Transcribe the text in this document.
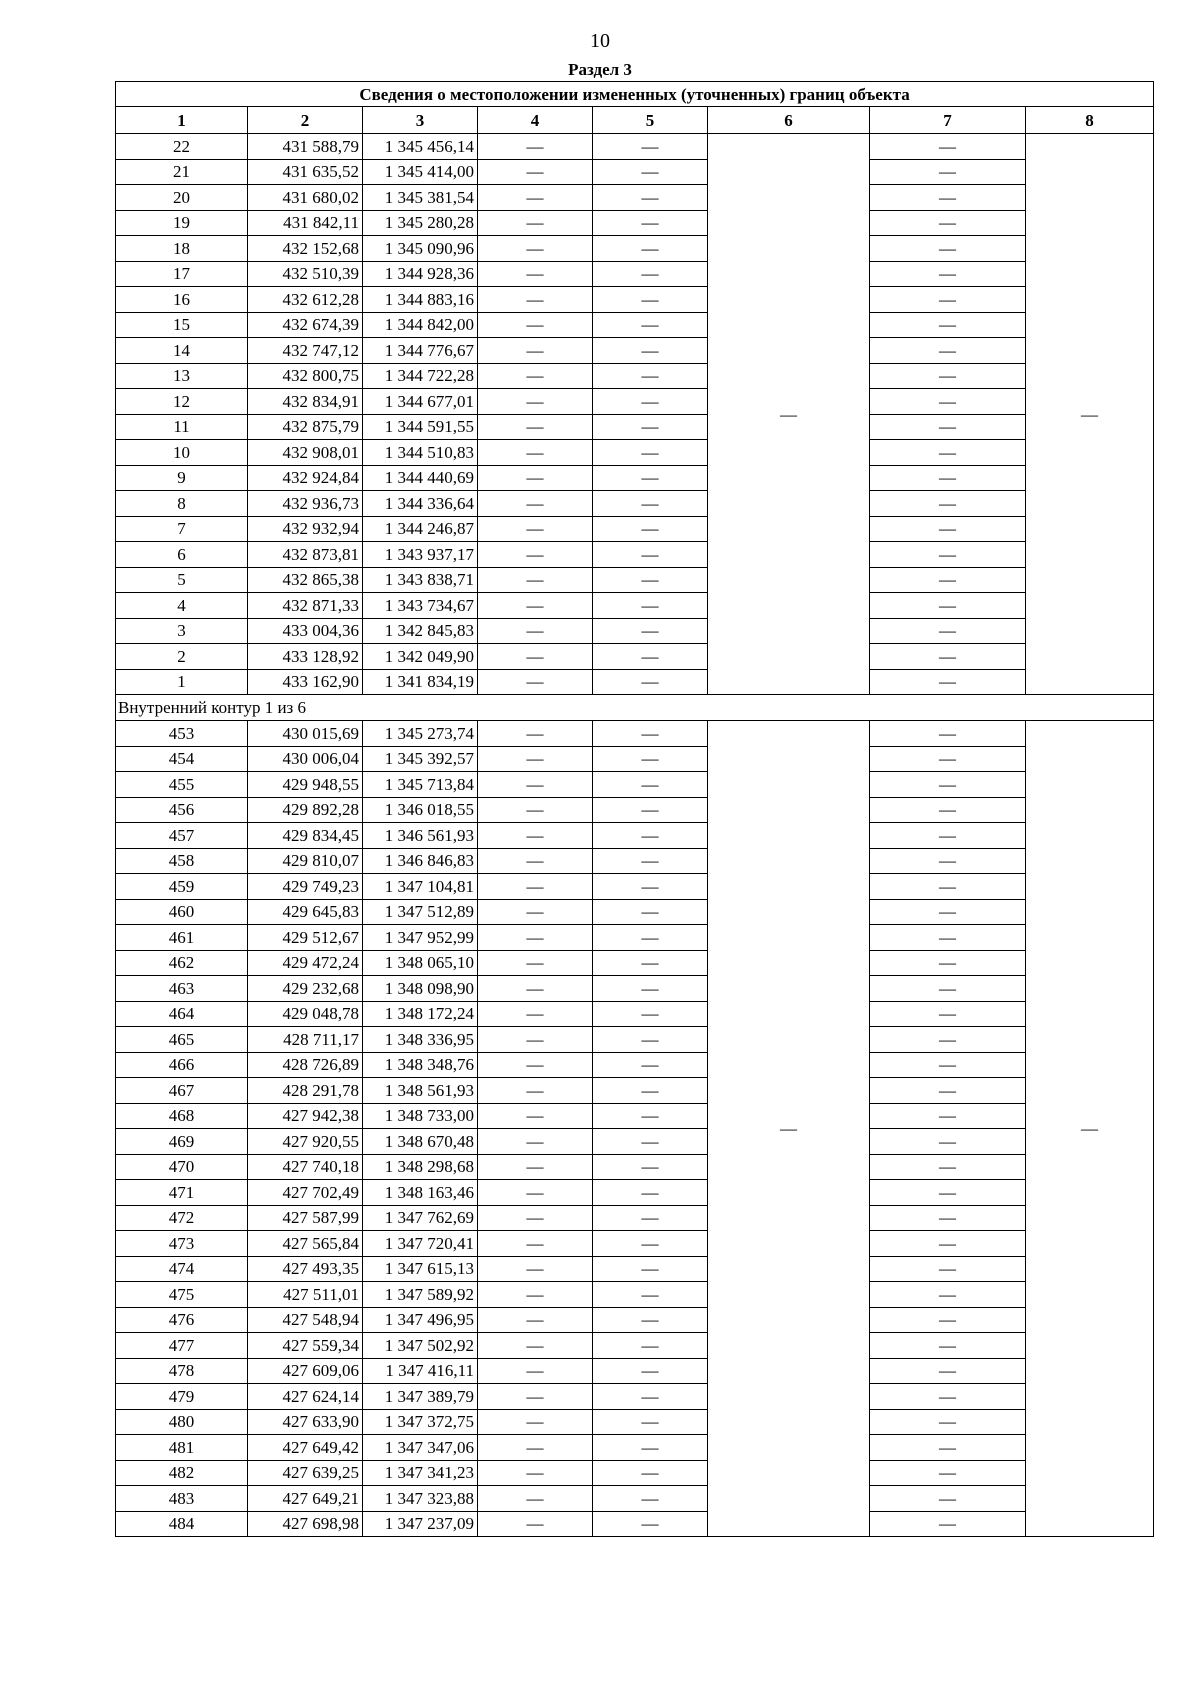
10
Раздел 3
Сведения о местоположении измененных (уточненных) границ объекта							
1	2	3	4	5	6	7	8
22	431 588,79	1 345 456,14	—	—	—	—	—
21	431 635,52	1 345 414,00	—	—		—	
20	431 680,02	1 345 381,54	—	—		—	
19	431 842,11	1 345 280,28	—	—		—	
18	432 152,68	1 345 090,96	—	—		—	
17	432 510,39	1 344 928,36	—	—		—	
16	432 612,28	1 344 883,16	—	—		—	
15	432 674,39	1 344 842,00	—	—		—	
14	432 747,12	1 344 776,67	—	—		—	
13	432 800,75	1 344 722,28	—	—		—	
12	432 834,91	1 344 677,01	—	—		—	
11	432 875,79	1 344 591,55	—	—		—	
10	432 908,01	1 344 510,83	—	—		—	
9	432 924,84	1 344 440,69	—	—		—	
8	432 936,73	1 344 336,64	—	—		—	
7	432 932,94	1 344 246,87	—	—		—	
6	432 873,81	1 343 937,17	—	—		—	
5	432 865,38	1 343 838,71	—	—		—	
4	432 871,33	1 343 734,67	—	—		—	
3	433 004,36	1 342 845,83	—	—		—	
2	433 128,92	1 342 049,90	—	—		—	
1	433 162,90	1 341 834,19	—	—		—	
Внутренний контур 1 из 6							
453	430 015,69	1 345 273,74	—	—	—	—	—
454	430 006,04	1 345 392,57	—	—		—	
455	429 948,55	1 345 713,84	—	—		—	
456	429 892,28	1 346 018,55	—	—		—	
457	429 834,45	1 346 561,93	—	—		—	
458	429 810,07	1 346 846,83	—	—		—	
459	429 749,23	1 347 104,81	—	—		—	
460	429 645,83	1 347 512,89	—	—		—	
461	429 512,67	1 347 952,99	—	—		—	
462	429 472,24	1 348 065,10	—	—		—	
463	429 232,68	1 348 098,90	—	—		—	
464	429 048,78	1 348 172,24	—	—		—	
465	428 711,17	1 348 336,95	—	—		—	
466	428 726,89	1 348 348,76	—	—		—	
467	428 291,78	1 348 561,93	—	—		—	
468	427 942,38	1 348 733,00	—	—		—	
469	427 920,55	1 348 670,48	—	—		—	
470	427 740,18	1 348 298,68	—	—		—	
471	427 702,49	1 348 163,46	—	—		—	
472	427 587,99	1 347 762,69	—	—		—	
473	427 565,84	1 347 720,41	—	—		—	
474	427 493,35	1 347 615,13	—	—		—	
475	427 511,01	1 347 589,92	—	—		—	
476	427 548,94	1 347 496,95	—	—		—	
477	427 559,34	1 347 502,92	—	—		—	
478	427 609,06	1 347 416,11	—	—		—	
479	427 624,14	1 347 389,79	—	—		—	
480	427 633,90	1 347 372,75	—	—		—	
481	427 649,42	1 347 347,06	—	—		—	
482	427 639,25	1 347 341,23	—	—		—	
483	427 649,21	1 347 323,88	—	—		—	
484	427 698,98	1 347 237,09	—	—		—	
